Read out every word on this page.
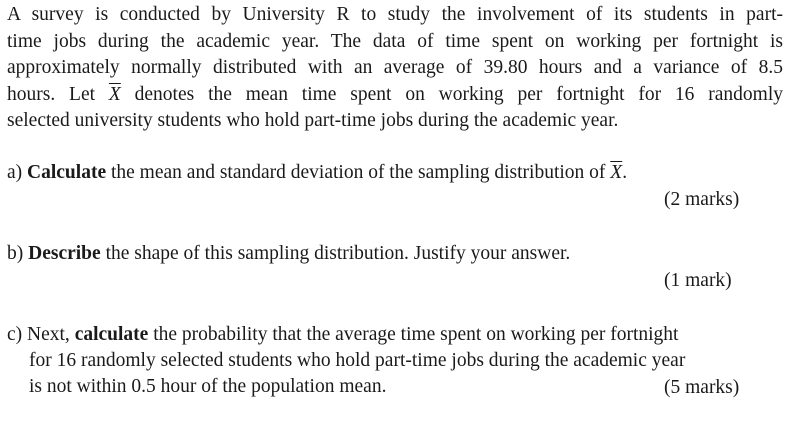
A survey is conducted by University R to study the involvement of its students in part-
time jobs during the academic year. The data of time spent on working per fortnight is
approximately normally distributed with an average of 39.80 hours and a variance of 8.5
hours. Let $\overline{X}$ denotes the mean time spent on working per fortnight for 16 randomly
selected university students who hold part-time jobs during the academic year.
a) Calculate the mean and standard deviation of the sampling distribution of $\overline{X}$.
(2 marks)
b) Describe the shape of this sampling distribution. Justify your answer.
(1 mark)
c) Next, calculate the probability that the average time spent on working per fortnight
for 16 randomly selected students who hold part-time jobs during the academic year
is not within 0.5 hour of the population mean.	(5 marks)
